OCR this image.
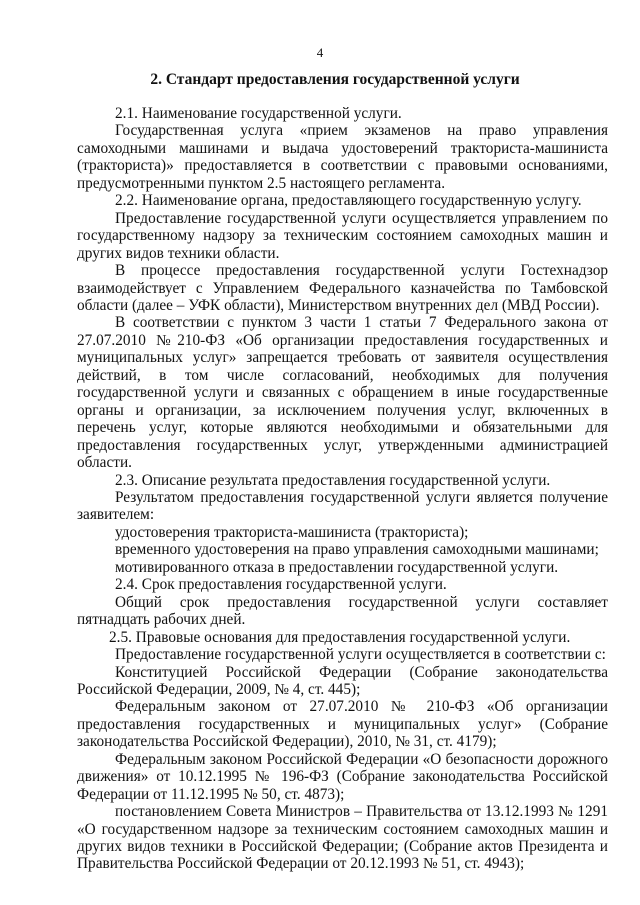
4
2. Стандарт предоставления государственной услуги

2.1. Наименование государственной услуги.

Государственная услуга «прием экзаменов на право управления самоходными машинами и выдача удостоверений тракториста-машиниста (тракториста)» предоставляется в соответствии с правовыми основаниями, предусмотренными пунктом 2.5 настоящего регламента.

2.2. Наименование органа, предоставляющего государственную услугу.

Предоставление государственной услуги осуществляется управлением по государственному надзору за техническим состоянием самоходных машин и других видов техники области.

В процессе предоставления государственной услуги Гостехнадзор взаимодействует с Управлением Федерального казначейства по Тамбовской области (далее – УФК области), Министерством внутренних дел (МВД России).

В соответствии с пунктом 3 части 1 статьи 7 Федерального закона от 27.07.2010 №210-ФЗ «Об организации предоставления государственных и муниципальных услуг» запрещается требовать от заявителя осуществления действий, в том числе согласований, необходимых для получения государственной услуги и связанных с обращением в иные государственные органы и организации, за исключением получения услуг, включенных в перечень услуг, которые являются необходимыми и обязательными для предоставления государственных услуг, утвержденными администрацией области.

2.3. Описание результата предоставления государственной услуги.

Результатом предоставления государственной услуги является получение заявителем:

удостоверения тракториста-машиниста (тракториста);

временного удостоверения на право управления самоходными машинами;

мотивированного отказа в предоставлении государственной услуги.

2.4. Срок предоставления государственной услуги.

Общий срок предоставления государственной услуги составляет пятнадцать рабочих дней.

2.5. Правовые основания для предоставления государственной услуги.

Предоставление государственной услуги осуществляется в соответствии с:

Конституцией Российской Федерации (Собрание законодательства Российской Федерации, 2009, № 4, ст. 445);

Федеральным законом от 27.07.2010 № 210-ФЗ «Об организации предоставления государственных и муниципальных услуг» (Собрание законодательства Российской Федерации), 2010, № 31, ст. 4179);

Федеральным законом Российской Федерации «О безопасности дорожного движения» от 10.12.1995 № 196-ФЗ (Собрание законодательства Российской Федерации от 11.12.1995 № 50, ст. 4873);

постановлением Совета Министров – Правительства от 13.12.1993 № 1291 «О государственном надзоре за техническим состоянием самоходных машин и других видов техники в Российской Федерации; (Собрание актов Президента и Правительства Российской Федерации от 20.12.1993 № 51, ст. 4943);
